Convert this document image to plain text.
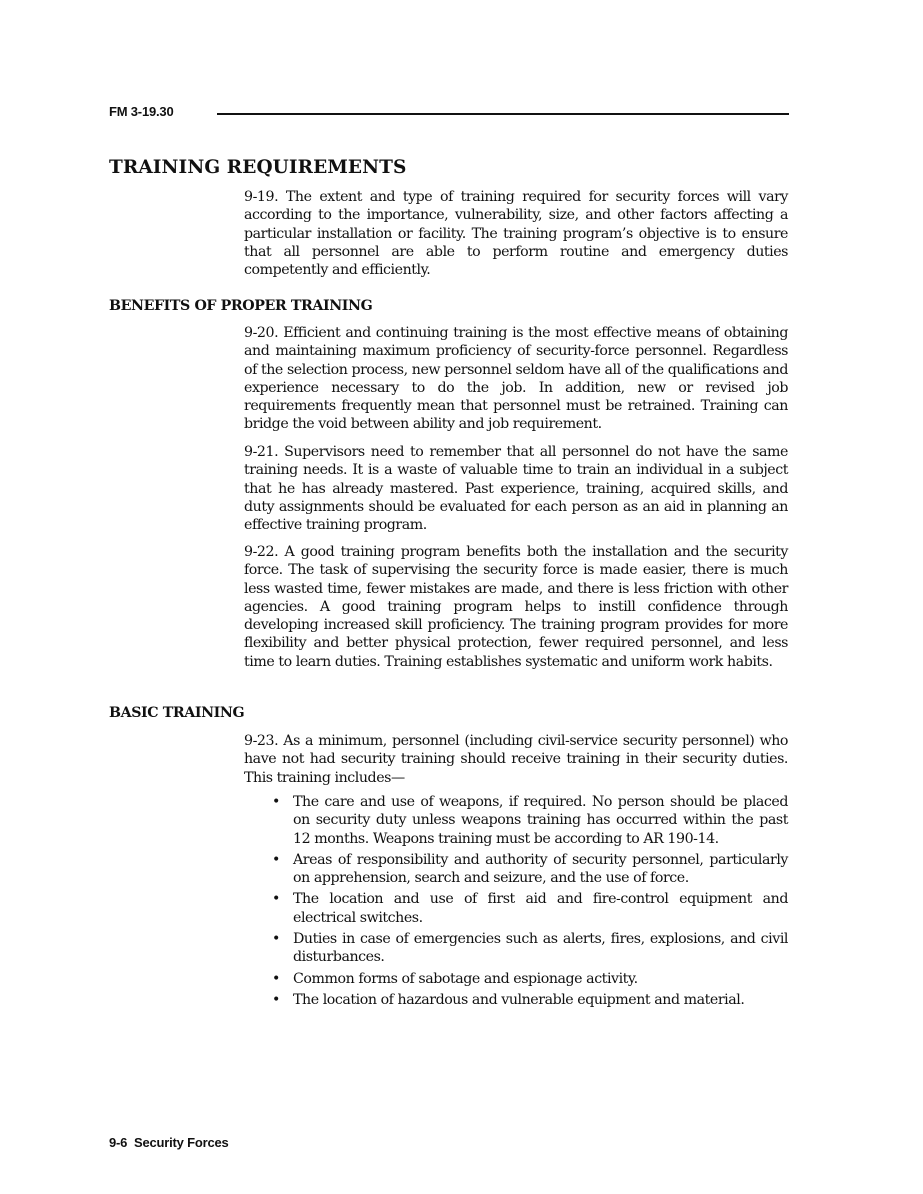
FM 3-19.30
TRAINING REQUIREMENTS

9-19. The extent and type of training required for security forces will vary according to the importance, vulnerability, size, and other factors affecting a particular installation or facility. The training program’s objective is to ensure that all personnel are able to perform routine and emergency duties competently and efficiently.

BENEFITS OF PROPER TRAINING

9-20. Efficient and continuing training is the most effective means of obtaining and maintaining maximum proficiency of security-force personnel. Regardless of the selection process, new personnel seldom have all of the qualifications and experience necessary to do the job. In addition, new or revised job requirements frequently mean that personnel must be retrained. Training can bridge the void between ability and job requirement.

9-21. Supervisors need to remember that all personnel do not have the same training needs. It is a waste of valuable time to train an individual in a subject that he has already mastered. Past experience, training, acquired skills, and duty assignments should be evaluated for each person as an aid in planning an effective training program.

9-22. A good training program benefits both the installation and the security force. The task of supervising the security force is made easier, there is much less wasted time, fewer mistakes are made, and there is less friction with other agencies. A good training program helps to instill confidence through developing increased skill proficiency. The training program provides for more flexibility and better physical protection, fewer required personnel, and less time to learn duties. Training establishes systematic and uniform work habits.

BASIC TRAINING

9-23. As a minimum, personnel (including civil-service security personnel) who have not had security training should receive training in their security duties. This training includes—

• The care and use of weapons, if required. No person should be placed on security duty unless weapons training has occurred within the past 12 months. Weapons training must be according to AR 190-14.
• Areas of responsibility and authority of security personnel, particularly on apprehension, search and seizure, and the use of force.
• The location and use of first aid and fire-control equipment and electrical switches.
• Duties in case of emergencies such as alerts, fires, explosions, and civil disturbances.
• Common forms of sabotage and espionage activity.
• The location of hazardous and vulnerable equipment and material.
9-6  Security Forces
